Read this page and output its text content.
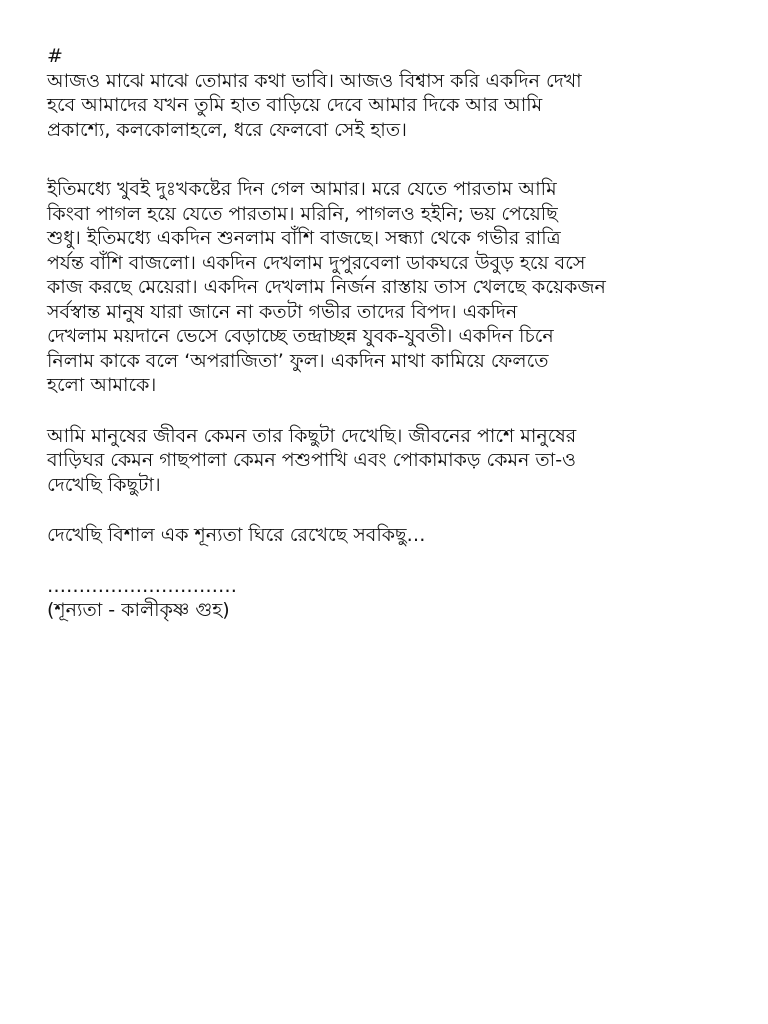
#
আজও মাঝে মাঝে তোমার কথা ভাবি। আজও বিশ্বাস করি একদিন দেখা
হবে আমাদের যখন তুমি হাত বাড়িয়ে দেবে আমার দিকে আর আমি
প্রকাশ্যে, কলকোলাহলে, ধরে ফেলবো সেই হাত।
ইতিমধ্যে খুবই দুঃখকষ্টের দিন গেল আমার। মরে যেতে পারতাম আমি
কিংবা পাগল হয়ে যেতে পারতাম। মরিনি, পাগলও হইনি; ভয় পেয়েছি
শুধু। ইতিমধ্যে একদিন শুনলাম বাঁশি বাজছে। সন্ধ্যা থেকে গভীর রাত্রি
পর্যন্ত বাঁশি বাজলো। একদিন দেখলাম দুপুরবেলা ডাকঘরে উবুড় হয়ে বসে
কাজ করছে মেয়েরা। একদিন দেখলাম নির্জন রাস্তায় তাস খেলছে কয়েকজন
সর্বস্বান্ত মানুষ যারা জানে না কতটা গভীর তাদের বিপদ। একদিন
দেখলাম ময়দানে ভেসে বেড়াচ্ছে তন্দ্রাচ্ছন্ন যুবক-যুবতী। একদিন চিনে
নিলাম কাকে বলে ‘অপরাজিতা’ ফুল। একদিন মাথা কামিয়ে ফেলতে
হলো আমাকে।
আমি মানুষের জীবন কেমন তার কিছুটা দেখেছি। জীবনের পাশে মানুষের
বাড়িঘর কেমন গাছপালা কেমন পশুপাখি এবং পোকামাকড় কেমন তা-ও
দেখেছি কিছুটা।
দেখেছি বিশাল এক শূন্যতা ঘিরে রেখেছে সবকিছু…
…………………………
(শূন্যতা - কালীকৃষ্ণ গুহ)
